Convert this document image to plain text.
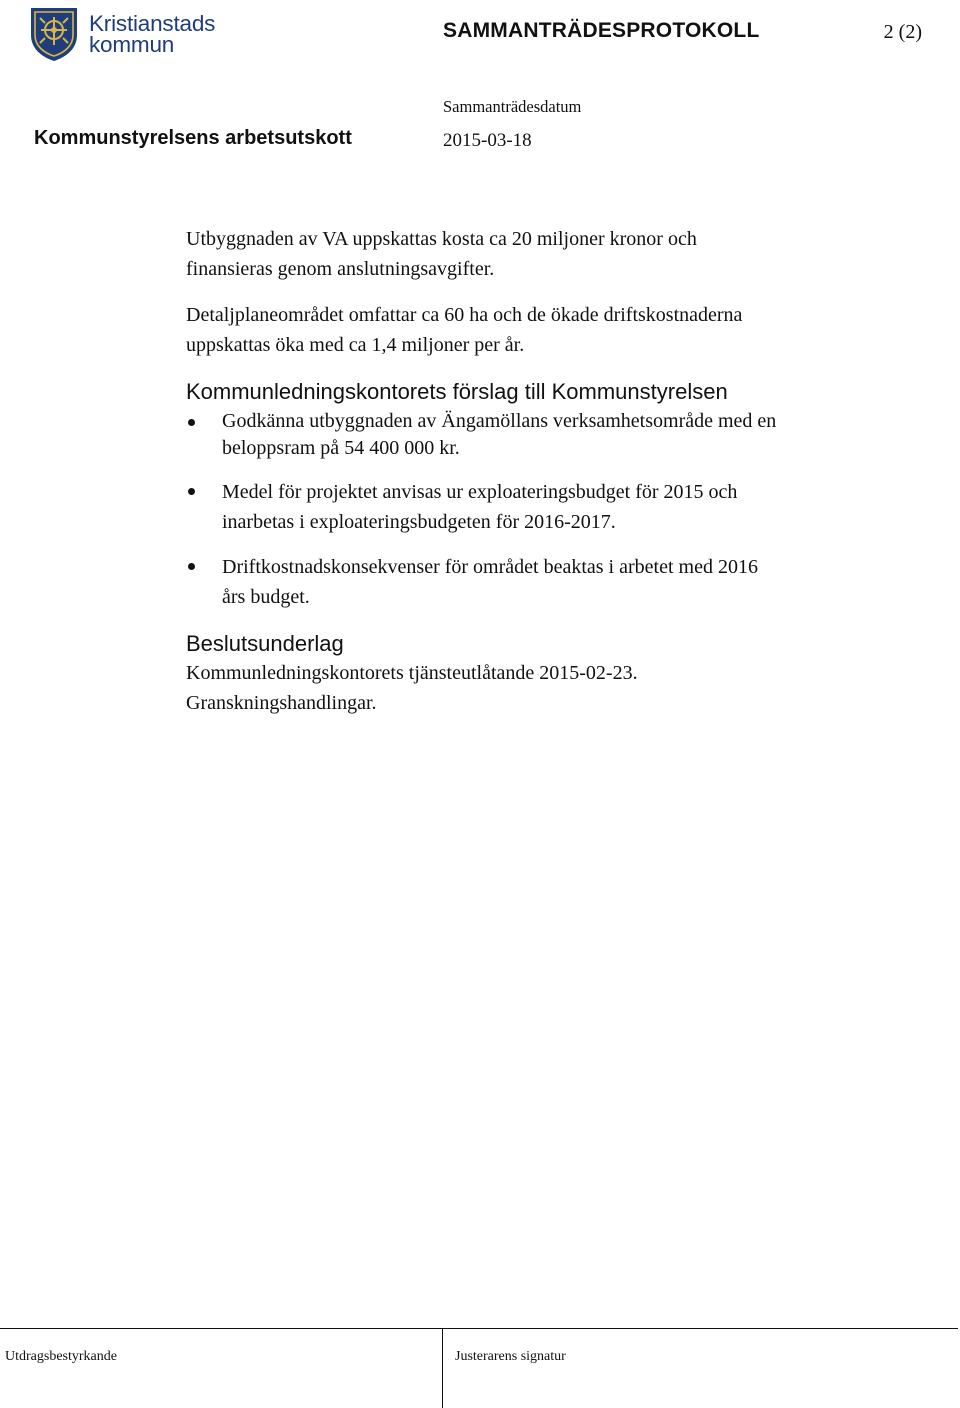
Kristianstads
kommun
SAMMANTRÄDESPROTOKOLL	2 (2)
Sammanträdesdatum
Kommunstyrelsens arbetsutskott	2015-03-18

Utbyggnaden av VA uppskattas kosta ca 20 miljoner kronor och
finansieras genom anslutningsavgifter.

Detaljplaneområdet omfattar ca 60 ha och de ökade driftskostnaderna
uppskattas öka med ca 1,4 miljoner per år.

Kommunledningskontorets förslag till Kommunstyrelsen
Godkänna utbyggnaden av Ängamöllans verksamhetsområde med en
beloppsram på 54 400 000 kr.
Medel för projektet anvisas ur exploateringsbudget för 2015 och
inarbetas i exploateringsbudgeten för 2016-2017.
Driftkostnadskonsekvenser för området beaktas i arbetet med 2016
års budget.
Beslutsunderlag

Kommunledningskontorets tjänsteutlåtande 2015-02-23.
Granskningshandlingar.

Utdragsbestyrkande	Justerarens signatur
